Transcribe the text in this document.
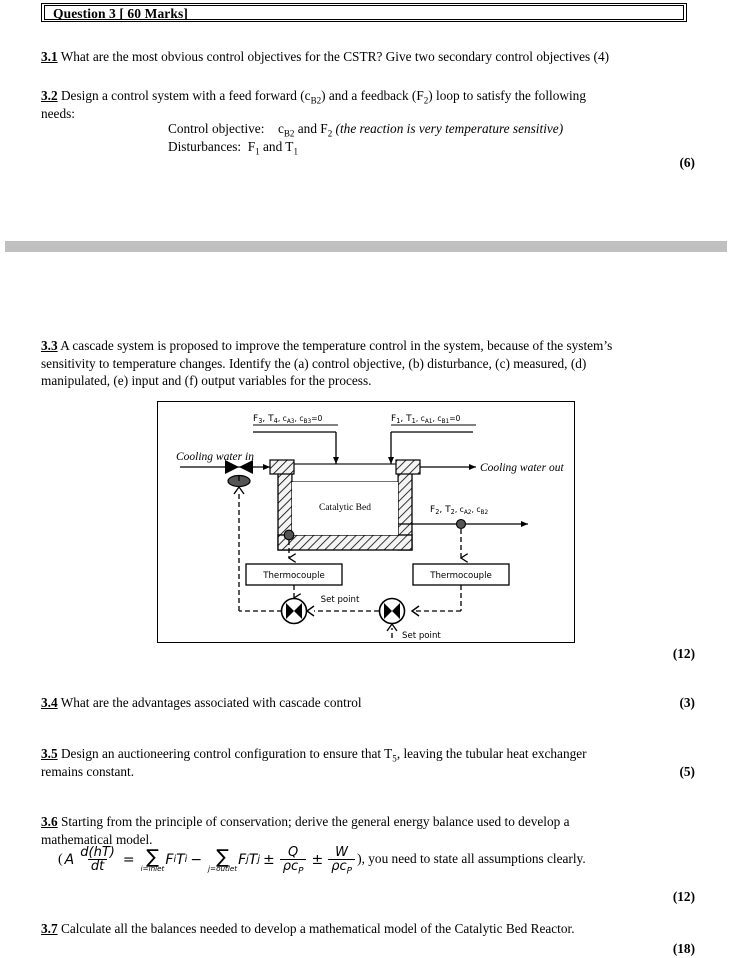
Question 3 [ 60 Marks]
3.1 What are the most obvious control objectives for the CSTR? Give two secondary control objectives (4)
3.2 Design a control system with a feed forward $(c_{B2})$ and a feedback $(F_2)$ loop to satisfy the following
needs:
Control objective: $c_{B2}$ and $F_2$ (the reaction is very temperature sensitive)
Disturbances: $F_1$ and $T_1$
(6)
3.3 A cascade system is proposed to improve the temperature control in the system, because of the system’s
sensitivity to temperature changes. Identify the (a) control objective, (b) disturbance, (c) measured, (d)
manipulated, (e) input and (f) output variables for the process.
Catalytic Bed
Thermocouple
Set point
Set point
Thermocouple
$F_3$, $T_4^{, c}_{A3}^{, c}_{B3}^{=0}$	$F_1$, $T_1^{, c}_{A1}^{, c}_{B1}^{=0}$
$F_2$, $T_2^{, c}_{A2}^{, c}_{B2}$
Cooling water in
Cooling water out
(12)
3.4 What are the advantages associated with cascade control	(3)
3.5 Design an auctioneering control configuration to ensure that $T_5$, leaving the tubular heat exchanger
remains constant.	(5)
3.6 Starting from the principle of conservation; derive the general energy balance used to develop a
mathematical model.
( A $\frac{d(hT)}{dt}$ = ∑
i=inlet
F i T i − ∑
j=outlet
F j T $j \pm \frac{Q}{\rho c_P} \pm \frac{W}{\rho c_P}$ ) , you need to state all assumptions clearly.
(12)
3.7 Calculate all the balances needed to develop a mathematical model of the Catalytic Bed Reactor.
(18)
